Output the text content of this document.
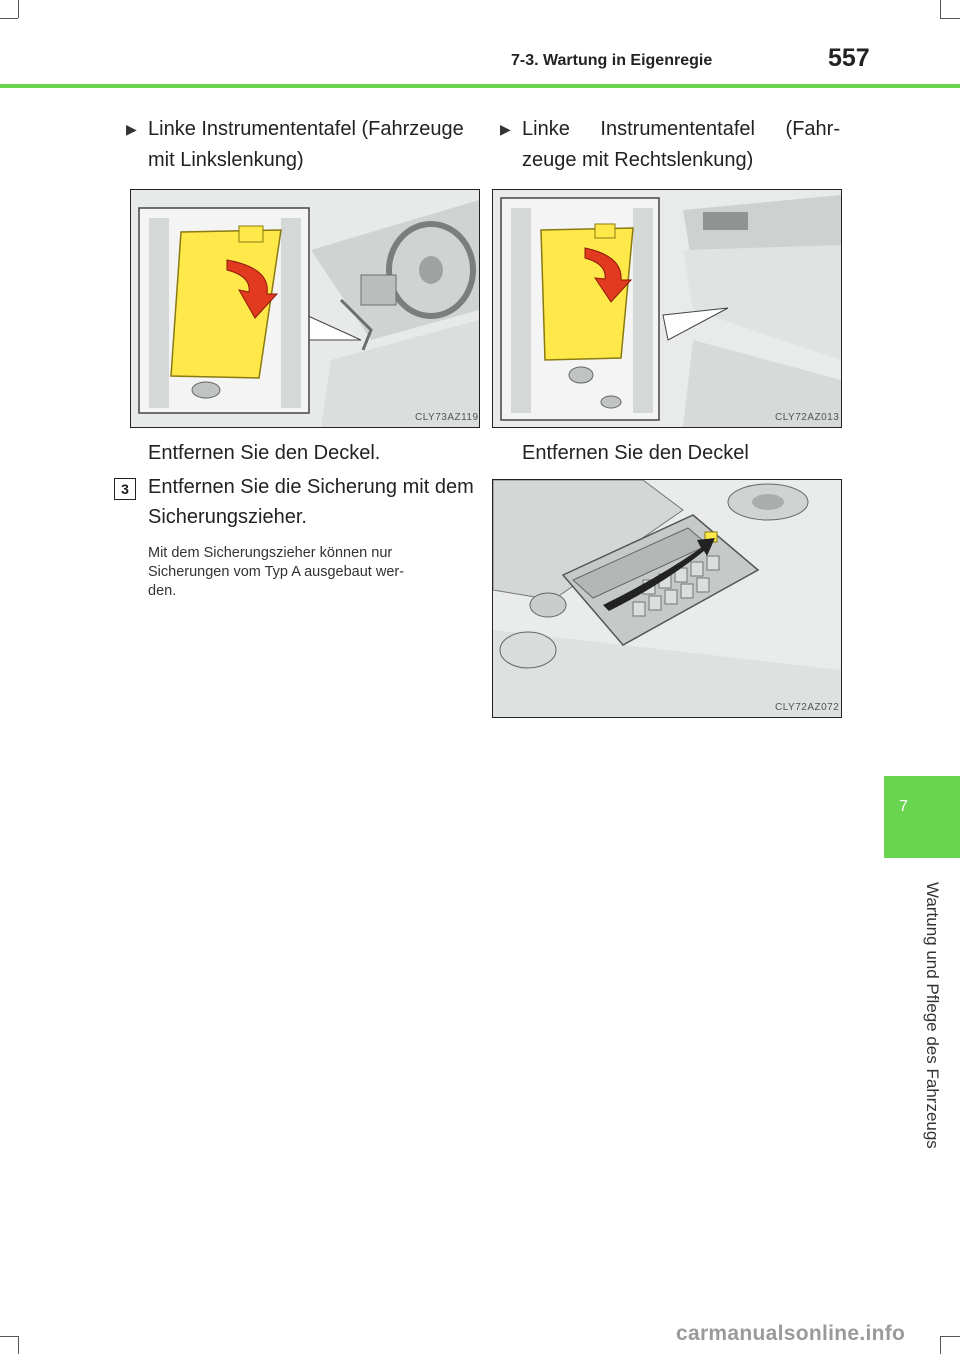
7-3. Wartung in Eigenregie	557
7
Wartung und Pflege des Fahrzeugs
▶ Linke Instrumententafel (Fahrzeuge
mit Linkslenkung)
CLY73AZ119
Entfernen Sie den Deckel.
3 Entfernen Sie die Sicherung mit dem
Sicherungszieher.
Mit dem Sicherungszieher können nur
Sicherungen vom Typ A ausgebaut wer-
den.
▶ Linke Instrumententafel (Fahr-
zeuge mit Rechtslenkung)
CLY72AZ013
Entfernen Sie den Deckel
CLY72AZ072
carmanualsonline.info
